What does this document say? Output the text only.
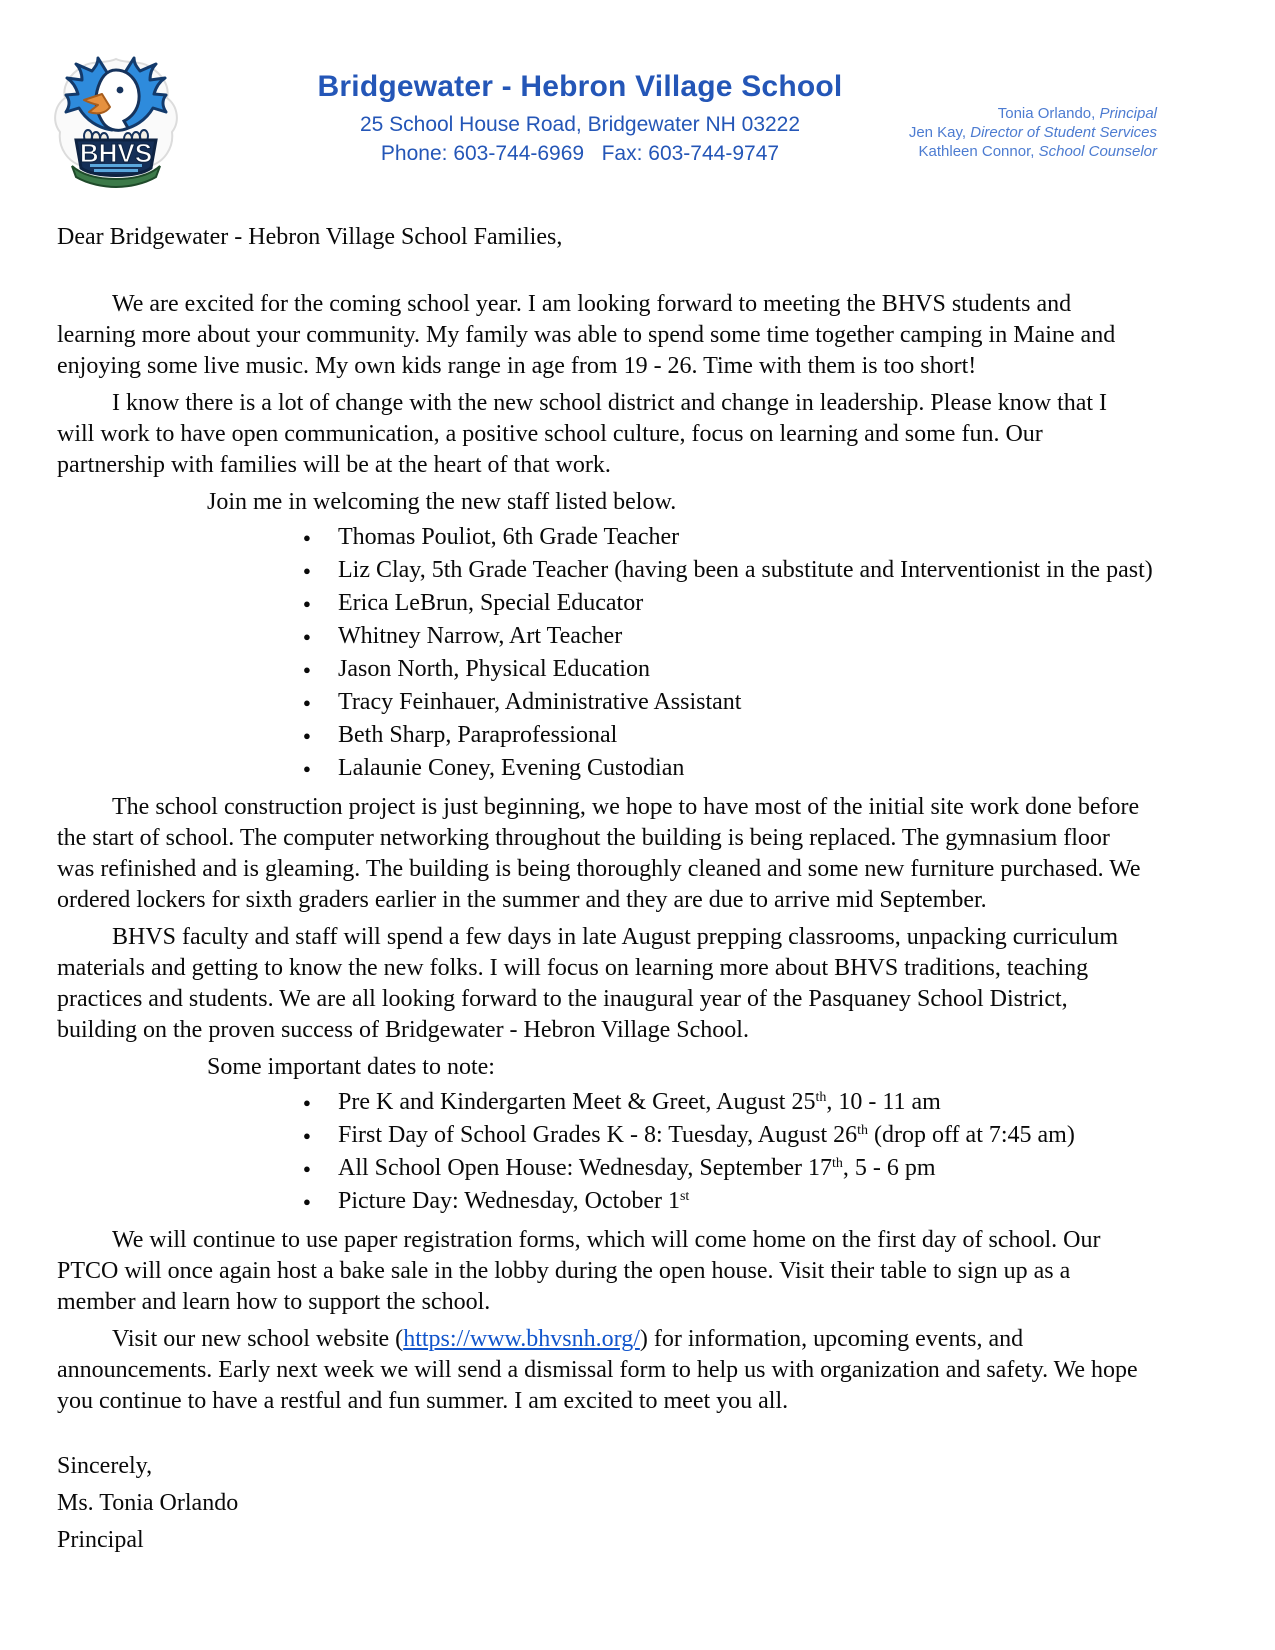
BHVS
Bridgewater - Hebron Village School
25 School House Road, Bridgewater NH 03222
Phone: 603-744-6969   Fax: 603-744-9747
Tonia Orlando, Principal
Jen Kay, Director of Student Services
Kathleen Connor, School Counselor
Dear Bridgewater - Hebron Village School Families,

We are excited for the coming school year. I am looking forward to meeting the BHVS students and learning more about your community. My family was able to spend some time together camping in Maine and enjoying some live music. My own kids range in age from 19 - 26. Time with them is too short!

I know there is a lot of change with the new school district and change in leadership. Please know that I will work to have open communication, a positive school culture, focus on learning and some fun. Our partnership with families will be at the heart of that work.

Join me in welcoming the new staff listed below.
● Thomas Pouliot, 6th Grade Teacher
● Liz Clay, 5th Grade Teacher (having been a substitute and Interventionist in the past)
● Erica LeBrun, Special Educator
● Whitney Narrow, Art Teacher
● Jason North, Physical Education
● Tracy Feinhauer, Administrative Assistant
● Beth Sharp, Paraprofessional
● Lalaunie Coney, Evening Custodian

The school construction project is just beginning, we hope to have most of the initial site work done before the start of school. The computer networking throughout the building is being replaced. The gymnasium floor was refinished and is gleaming. The building is being thoroughly cleaned and some new furniture purchased. We ordered lockers for sixth graders earlier in the summer and they are due to arrive mid September.

BHVS faculty and staff will spend a few days in late August prepping classrooms, unpacking curriculum materials and getting to know the new folks. I will focus on learning more about BHVS traditions, teaching practices and students. We are all looking forward to the inaugural year of the Pasquaney School District, building on the proven success of Bridgewater - Hebron Village School.

Some important dates to note:
● Pre K and Kindergarten Meet & Greet, August 25th, 10 - 11 am
● First Day of School Grades K - 8: Tuesday, August 26th (drop off at 7:45 am)
● All School Open House: Wednesday, September 17th, 5 - 6 pm
● Picture Day: Wednesday, October 1st

We will continue to use paper registration forms, which will come home on the first day of school. Our PTCO will once again host a bake sale in the lobby during the open house. Visit their table to sign up as a member and learn how to support the school.

Visit our new school website (https://www.bhvsnh.org/) for information, upcoming events, and announcements. Early next week we will send a dismissal form to help us with organization and safety. We hope you continue to have a restful and fun summer. I am excited to meet you all.

Sincerely,
Ms. Tonia Orlando
Principal
